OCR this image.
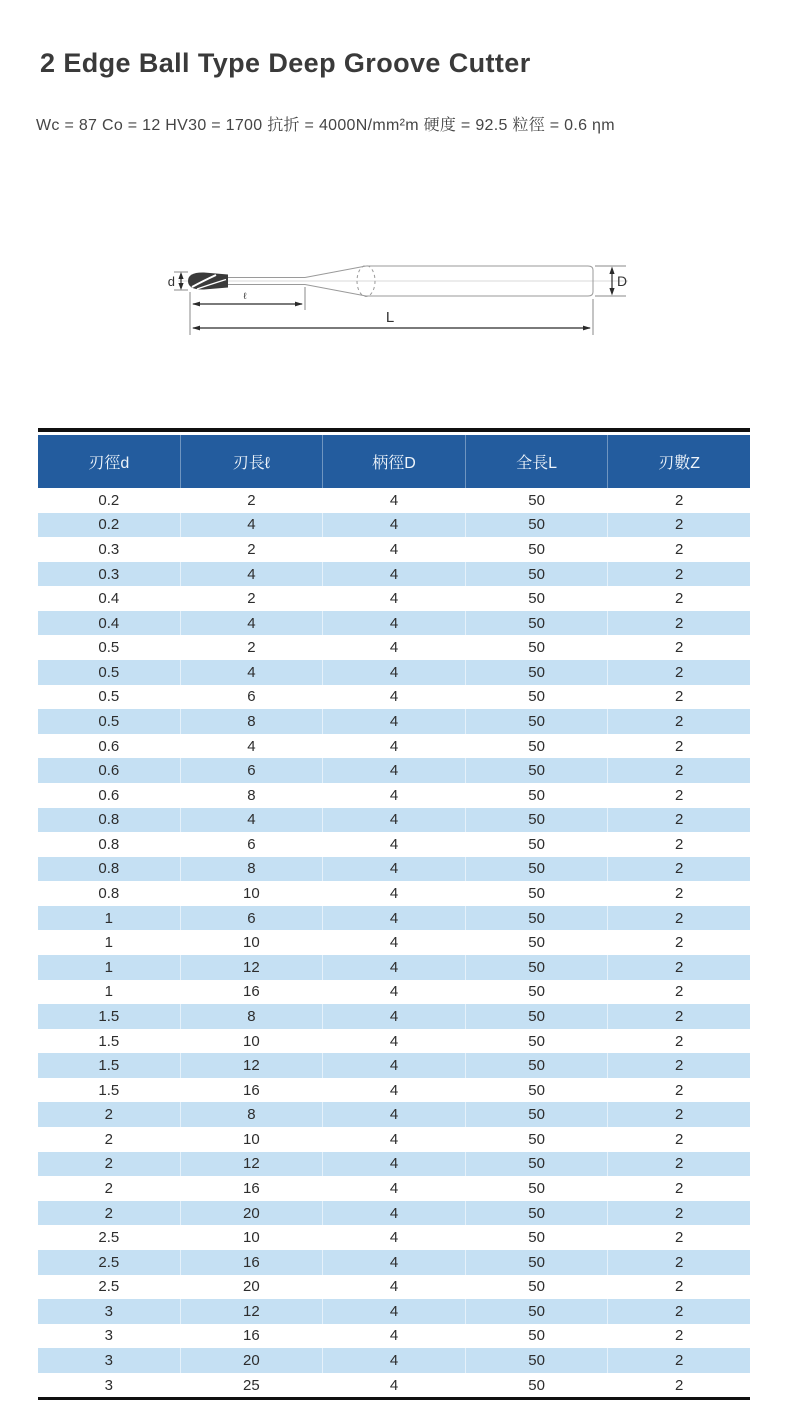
2 Edge Ball Type Deep Groove Cutter
Wc = 87 Co = 12 HV30 = 1700 抗折 = 4000N/mm²m 硬度 = 92.5 粒徑 = 0.6 ηm
d	D
ℓ
L
刃徑d	刃長ℓ	柄徑D	全長L	刃數Z
0.2	2	4	50	2
0.2	4	4	50	2
0.3	2	4	50	2
0.3	4	4	50	2
0.4	2	4	50	2
0.4	4	4	50	2
0.5	2	4	50	2
0.5	4	4	50	2
0.5	6	4	50	2
0.5	8	4	50	2
0.6	4	4	50	2
0.6	6	4	50	2
0.6	8	4	50	2
0.8	4	4	50	2
0.8	6	4	50	2
0.8	8	4	50	2
0.8	10	4	50	2
1	6	4	50	2
1	10	4	50	2
1	12	4	50	2
1	16	4	50	2
1.5	8	4	50	2
1.5	10	4	50	2
1.5	12	4	50	2
1.5	16	4	50	2
2	8	4	50	2
2	10	4	50	2
2	12	4	50	2
2	16	4	50	2
2	20	4	50	2
2.5	10	4	50	2
2.5	16	4	50	2
2.5	20	4	50	2
3	12	4	50	2
3	16	4	50	2
3	20	4	50	2
3	25	4	50	2
